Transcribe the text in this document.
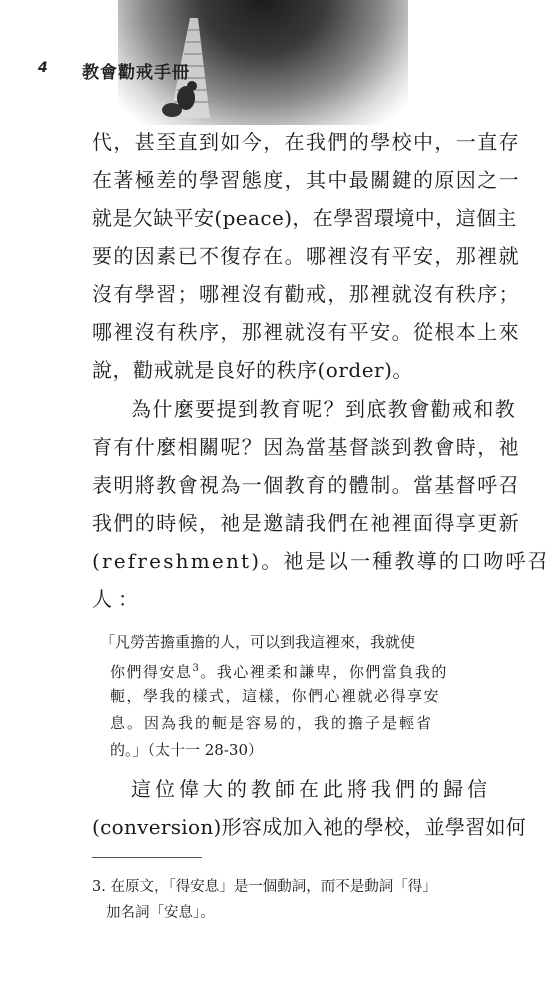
4 教會勸戒手冊
代，甚至直到如今，在我們的學校中，一直存
在著極差的學習態度，其中最關鍵的原因之一
就是欠缺平安(peace)，在學習環境中，這個主
要的因素已不復存在。哪裡沒有平安，那裡就
沒有學習；哪裡沒有勸戒，那裡就沒有秩序；
哪裡沒有秩序，那裡就沒有平安。從根本上來
說，勸戒就是良好的秩序(order)。
為什麼要提到教育呢？到底教會勸戒和教
育有什麼相關呢？因為當基督談到教會時，祂
表明將教會視為一個教育的體制。當基督呼召
我們的時候，祂是邀請我們在祂裡面得享更新
(refreshment)。祂是以一種教導的口吻呼召
人：
「凡勞苦擔重擔的人，可以到我這裡來，我就使
你們得安息$^3$。我心裡柔和謙卑，你們當負我的
軛，學我的樣式，這樣，你們心裡就必得享安
息。因為我的軛是容易的，我的擔子是輕省
的。」（太十一 28-30）
這位偉大的教師在此將我們的歸信
(conversion)形容成加入祂的學校，並學習如何
3. 在原文，「得安息」是一個動詞，而不是動詞「得」
加名詞「安息」。
